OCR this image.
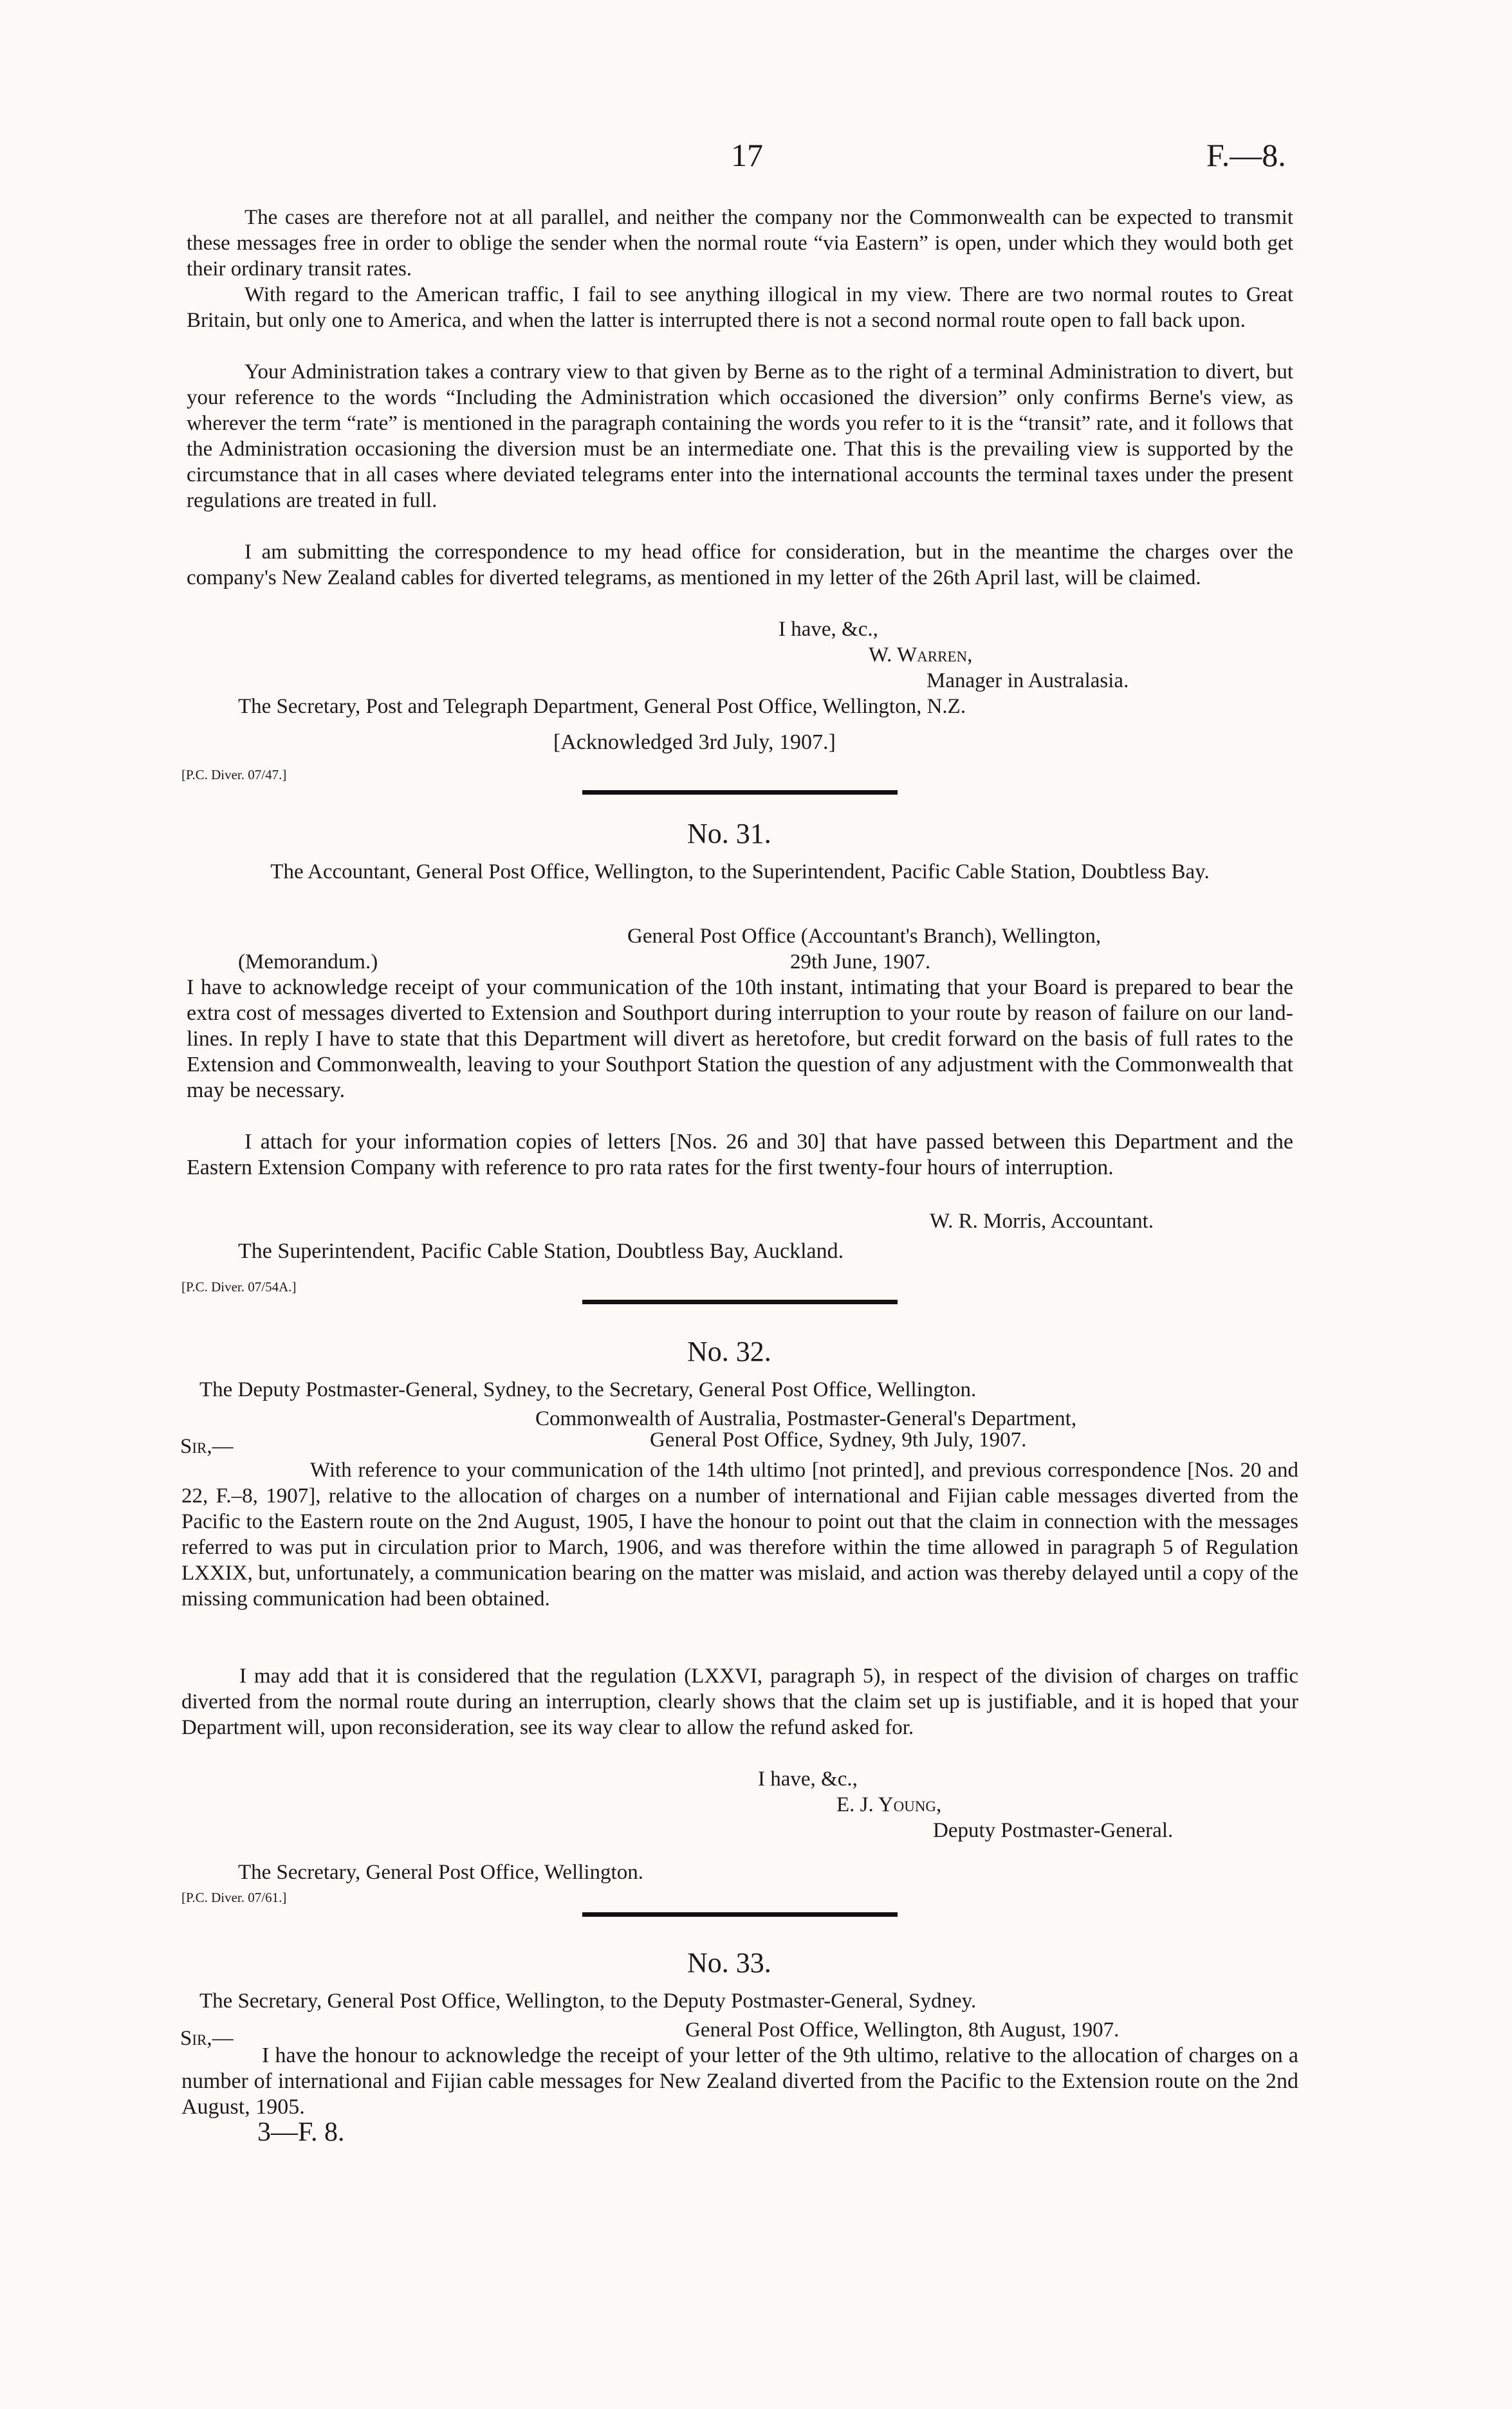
17	F.—8.
The cases are therefore not at all parallel, and neither the company nor the Commonwealth can be expected to transmit these messages free in order to oblige the sender when the normal route “via Eastern” is open, under which they would both get their ordinary transit rates.
With regard to the American traffic, I fail to see anything illogical in my view. There are two normal routes to Great Britain, but only one to America, and when the latter is interrupted there is not a second normal route open to fall back upon.
Your Administration takes a contrary view to that given by Berne as to the right of a terminal Administration to divert, but your reference to the words “Including the Administration which occasioned the diversion” only confirms Berne's view, as wherever the term “rate” is mentioned in the paragraph containing the words you refer to it is the “transit” rate, and it follows that the Administration occasioning the diversion must be an intermediate one. That this is the prevailing view is supported by the circumstance that in all cases where deviated telegrams enter into the international accounts the terminal taxes under the present regulations are treated in full.
I am submitting the correspondence to my head office for consideration, but in the meantime the charges over the company's New Zealand cables for diverted telegrams, as mentioned in my letter of the 26th April last, will be claimed.
I have, &c.,
W. Warren,
Manager in Australasia.
The Secretary, Post and Telegraph Department, General Post Office, Wellington, N.Z.
[Acknowledged 3rd July, 1907.]
[P.C. Diver. 07/47.]
No. 31.
The Accountant, General Post Office, Wellington, to the Superintendent, Pacific Cable Station, Doubtless Bay.
General Post Office (Accountant's Branch), Wellington,
(Memorandum.)	29th June, 1907.
I have to acknowledge receipt of your communication of the 10th instant, intimating that your Board is prepared to bear the extra cost of messages diverted to Extension and Southport during interruption to your route by reason of failure on our land-lines. In reply I have to state that this Department will divert as heretofore, but credit forward on the basis of full rates to the Extension and Commonwealth, leaving to your Southport Station the question of any adjustment with the Commonwealth that may be necessary.
I attach for your information copies of letters [Nos. 26 and 30] that have passed between this Department and the Eastern Extension Company with reference to pro rata rates for the first twenty-four hours of interruption.
W. R. Morris, Accountant.
The Superintendent, Pacific Cable Station, Doubtless Bay, Auckland.
[P.C. Diver. 07/54A.]
No. 32.
The Deputy Postmaster-General, Sydney, to the Secretary, General Post Office, Wellington.
Commonwealth of Australia, Postmaster-General's Department,
Sir,—	General Post Office, Sydney, 9th July, 1907.
With reference to your communication of the 14th ultimo [not printed], and previous correspondence [Nos. 20 and 22, F.–8, 1907], relative to the allocation of charges on a number of international and Fijian cable messages diverted from the Pacific to the Eastern route on the 2nd August, 1905, I have the honour to point out that the claim in connection with the messages referred to was put in circulation prior to March, 1906, and was therefore within the time allowed in paragraph 5 of Regulation LXXIX, but, unfortunately, a communication bearing on the matter was mislaid, and action was thereby delayed until a copy of the missing communication had been obtained.
I may add that it is considered that the regulation (LXXVI, paragraph 5), in respect of the division of charges on traffic diverted from the normal route during an interruption, clearly shows that the claim set up is justifiable, and it is hoped that your Department will, upon reconsideration, see its way clear to allow the refund asked for.
I have, &c.,
E. J. Young,
Deputy Postmaster-General.
The Secretary, General Post Office, Wellington.
[P.C. Diver. 07/61.]
No. 33.
The Secretary, General Post Office, Wellington, to the Deputy Postmaster-General, Sydney.
Sir,—	General Post Office, Wellington, 8th August, 1907.
I have the honour to acknowledge the receipt of your letter of the 9th ultimo, relative to the allocation of charges on a number of international and Fijian cable messages for New Zealand diverted from the Pacific to the Extension route on the 2nd August, 1905.
3—F. 8.
